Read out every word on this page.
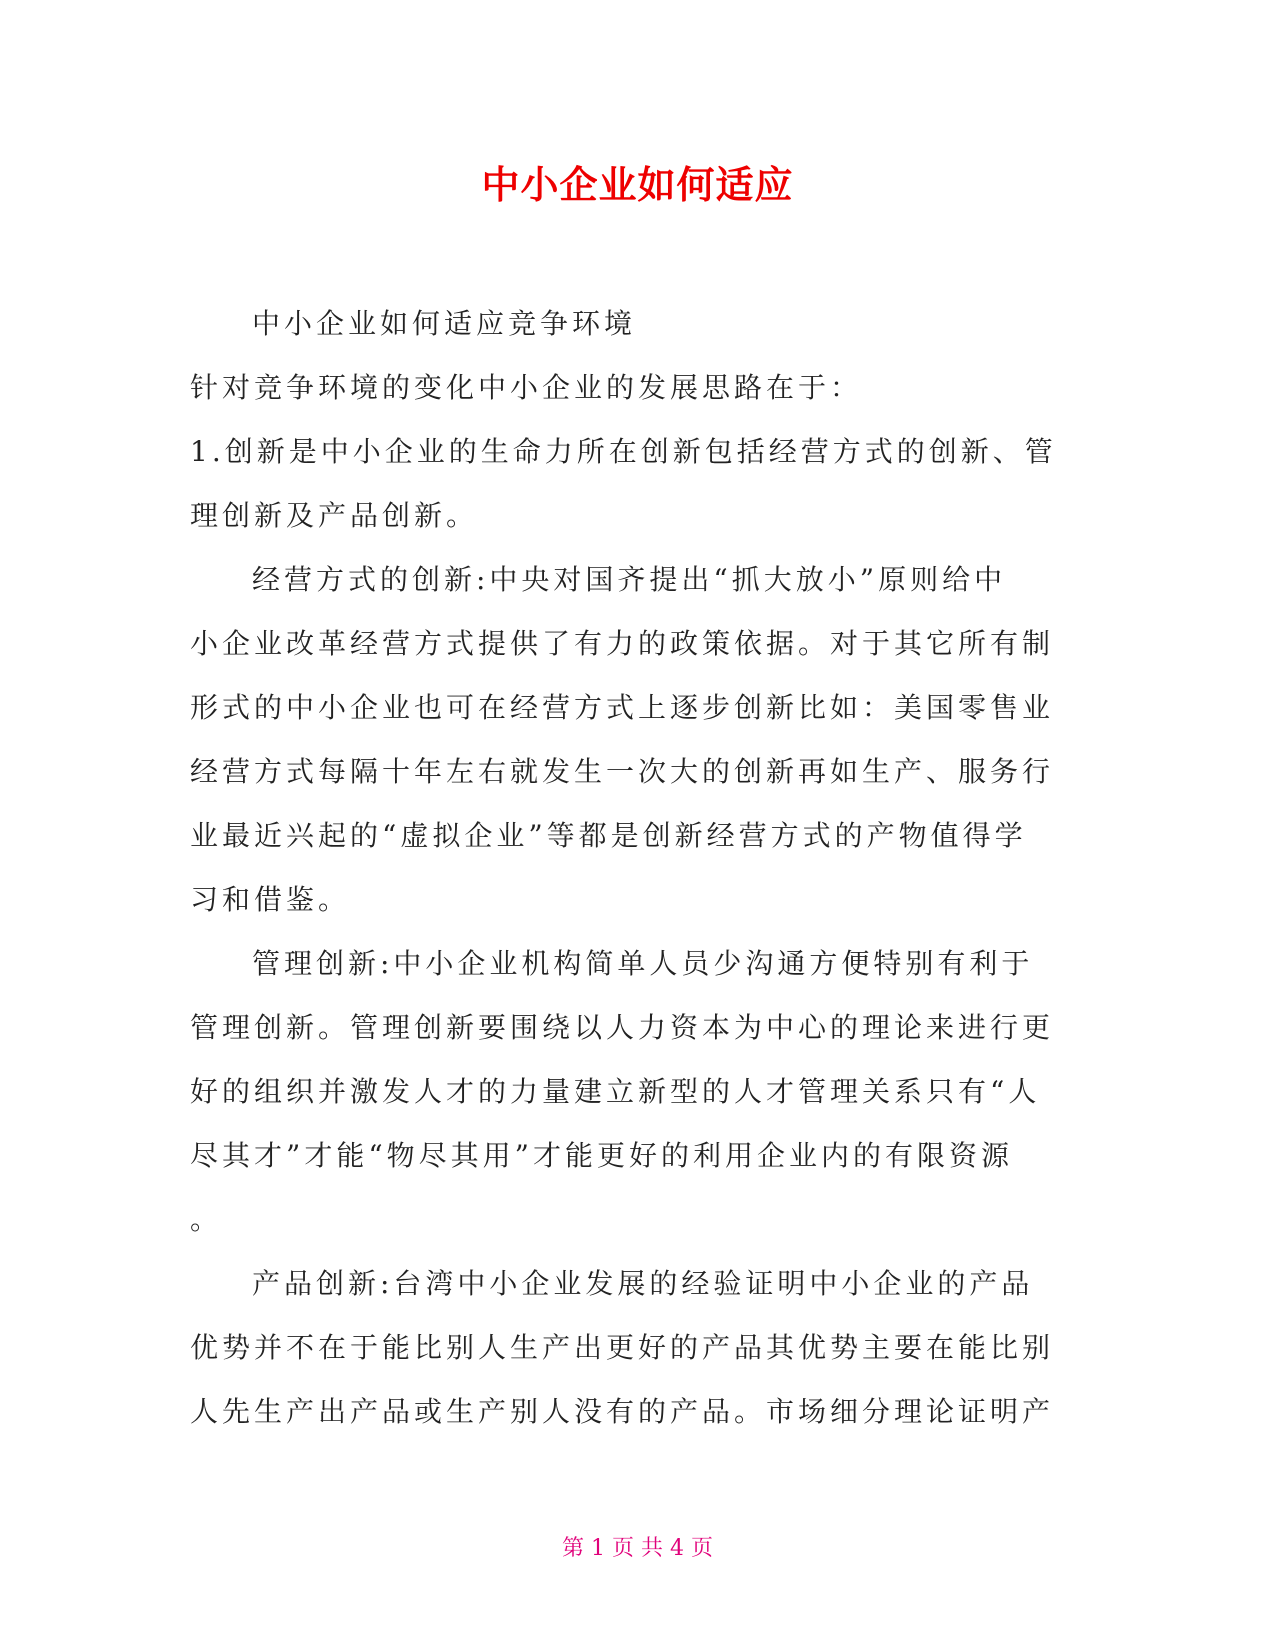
中小企业如何适应
中小企业如何适应竞争环境
针对竞争环境的变化中小企业的发展思路在于：
1.创新是中小企业的生命力所在创新包括经营方式的创新、管
理创新及产品创新。
经营方式的创新:中央对国齐提出“抓大放小”原则给中
小企业改革经营方式提供了有力的政策依据。对于其它所有制
形式的中小企业也可在经营方式上逐步创新比如：美国零售业
经营方式每隔十年左右就发生一次大的创新再如生产、服务行
业最近兴起的“虚拟企业”等都是创新经营方式的产物值得学
习和借鉴。
管理创新:中小企业机构简单人员少沟通方便特别有利于
管理创新。管理创新要围绕以人力资本为中心的理论来进行更
好的组织并激发人才的力量建立新型的人才管理关系只有“人
尽其才”才能“物尽其用”才能更好的利用企业内的有限资源
。
产品创新:台湾中小企业发展的经验证明中小企业的产品
优势并不在于能比别人生产出更好的产品其优势主要在能比别
人先生产出产品或生产别人没有的产品。市场细分理论证明产
第 1 页 共 4 页
